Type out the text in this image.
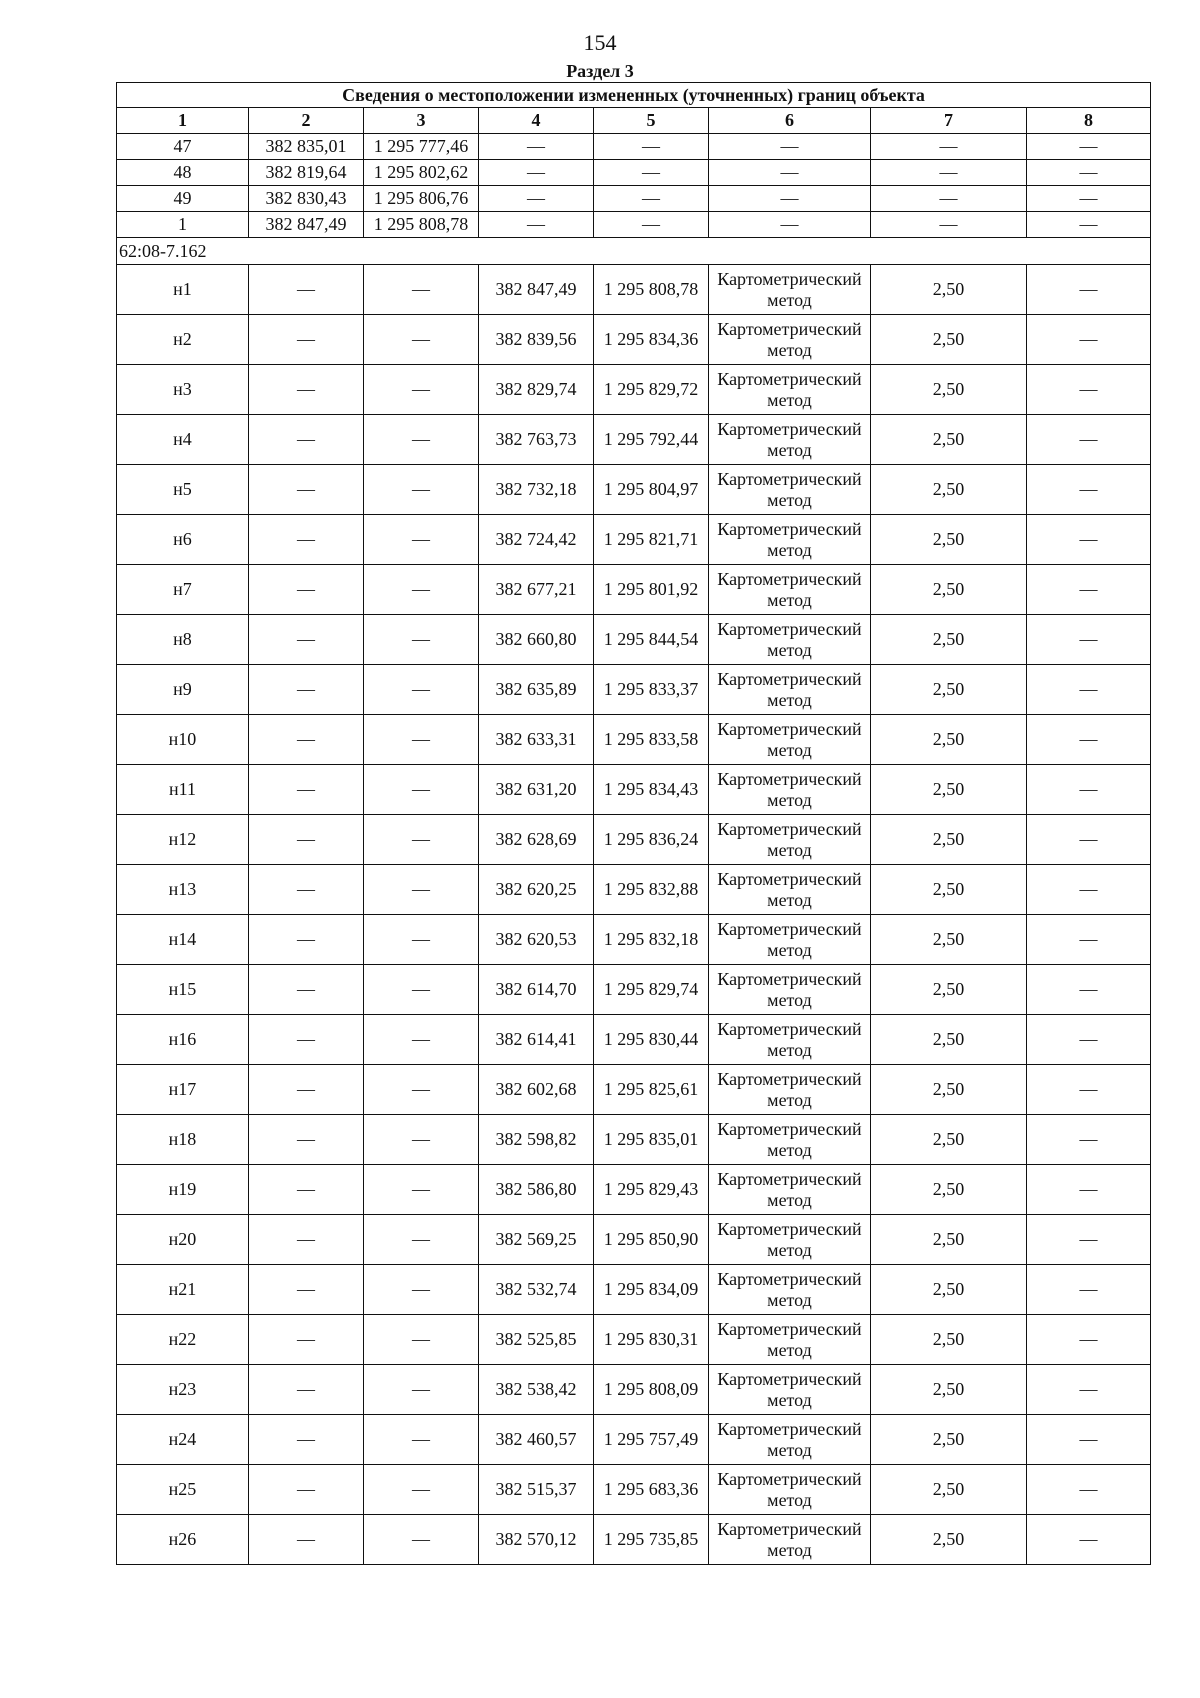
154
Раздел 3
Сведения о местоположении измененных (уточненных) границ объекта							
1	2	3	4	5	6	7	8
47	382 835,01	1 295 777,46	—	—	—	—	—
48	382 819,64	1 295 802,62	—	—	—	—	—
49	382 830,43	1 295 806,76	—	—	—	—	—
1	382 847,49	1 295 808,78	—	—	—	—	—
62:08-7.162							
н1	—	—	382 847,49	1 295 808,78	Картометрический метод	2,50	—
н2	—	—	382 839,56	1 295 834,36	Картометрический метод	2,50	—
н3	—	—	382 829,74	1 295 829,72	Картометрический метод	2,50	—
н4	—	—	382 763,73	1 295 792,44	Картометрический метод	2,50	—
н5	—	—	382 732,18	1 295 804,97	Картометрический метод	2,50	—
н6	—	—	382 724,42	1 295 821,71	Картометрический метод	2,50	—
н7	—	—	382 677,21	1 295 801,92	Картометрический метод	2,50	—
н8	—	—	382 660,80	1 295 844,54	Картометрический метод	2,50	—
н9	—	—	382 635,89	1 295 833,37	Картометрический метод	2,50	—
н10	—	—	382 633,31	1 295 833,58	Картометрический метод	2,50	—
н11	—	—	382 631,20	1 295 834,43	Картометрический метод	2,50	—
н12	—	—	382 628,69	1 295 836,24	Картометрический метод	2,50	—
н13	—	—	382 620,25	1 295 832,88	Картометрический метод	2,50	—
н14	—	—	382 620,53	1 295 832,18	Картометрический метод	2,50	—
н15	—	—	382 614,70	1 295 829,74	Картометрический метод	2,50	—
н16	—	—	382 614,41	1 295 830,44	Картометрический метод	2,50	—
н17	—	—	382 602,68	1 295 825,61	Картометрический метод	2,50	—
н18	—	—	382 598,82	1 295 835,01	Картометрический метод	2,50	—
н19	—	—	382 586,80	1 295 829,43	Картометрический метод	2,50	—
н20	—	—	382 569,25	1 295 850,90	Картометрический метод	2,50	—
н21	—	—	382 532,74	1 295 834,09	Картометрический метод	2,50	—
н22	—	—	382 525,85	1 295 830,31	Картометрический метод	2,50	—
н23	—	—	382 538,42	1 295 808,09	Картометрический метод	2,50	—
н24	—	—	382 460,57	1 295 757,49	Картометрический метод	2,50	—
н25	—	—	382 515,37	1 295 683,36	Картометрический метод	2,50	—
н26	—	—	382 570,12	1 295 735,85	Картометрический метод	2,50	—
